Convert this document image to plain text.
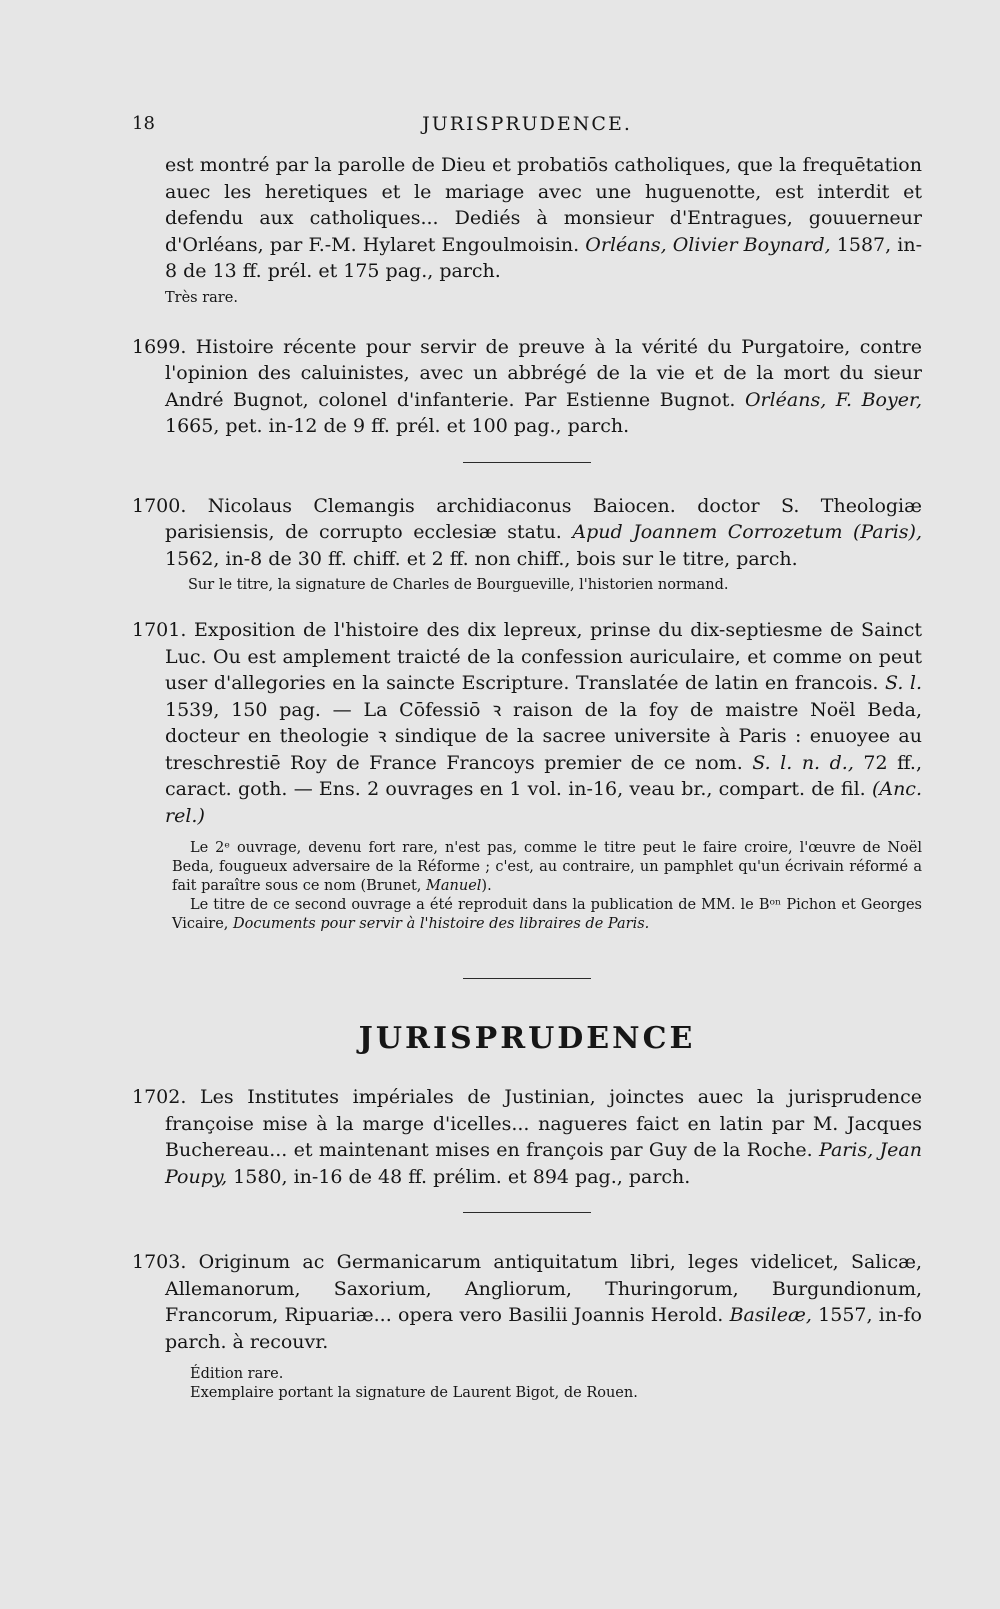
18	JURISPRUDENCE.

est montré par la parolle de Dieu et probatiōs catholiques, que la frequētation auec les heretiques et le mariage avec une huguenotte, est interdit et defendu aux catholiques... Dediés à monsieur d'Entragues, gouuerneur d'Orléans, par F.-M. Hylaret Engoulmoisin. Orléans, Olivier Boynard, 1587, in-8 de 13 ff. prél. et 175 pag., parch.

Très rare.

1699. Histoire récente pour servir de preuve à la vérité du Purgatoire, contre l'opinion des caluinistes, avec un abbrégé de la vie et de la mort du sieur André Bugnot, colonel d'infanterie. Par Estienne Bugnot. Orléans, F. Boyer, 1665, pet. in-12 de 9 ff. prél. et 100 pag., parch.

1700. Nicolaus Clemangis archidiaconus Baiocen. doctor S. Theologiæ parisiensis, de corrupto ecclesiæ statu. Apud Joannem Corrozetum (Paris), 1562, in-8 de 30 ff. chiff. et 2 ff. non chiff., bois sur le titre, parch.

Sur le titre, la signature de Charles de Bourgueville, l'historien normand.

1701. Exposition de l'histoire des dix lepreux, prinse du dix-septiesme de Sainct Luc. Ou est amplement traicté de la confession auriculaire, et comme on peut user d'allegories en la saincte Escripture. Translatée de latin en francois. S. l. 1539, 150 pag. — La Cōfessiō ꝛ raison de la foy de maistre Noël Beda, docteur en theologie ꝛ sindique de la sacree universite à Paris : enuoyee au treschrestiē Roy de France Francoys premier de ce nom. S. l. n. d., 72 ff., caract. goth. — Ens. 2 ouvrages en 1 vol. in-16, veau br., compart. de fil. (Anc. rel.)

Le 2ᵉ ouvrage, devenu fort rare, n'est pas, comme le titre peut le faire croire, l'œuvre de Noël Beda, fougueux adversaire de la Réforme ; c'est, au contraire, un pamphlet qu'un écrivain réformé a fait paraître sous ce nom (Brunet, Manuel).

Le titre de ce second ouvrage a été reproduit dans la publication de MM. le Bᵒⁿ Pichon et Georges Vicaire, Documents pour servir à l'histoire des libraires de Paris.

JURISPRUDENCE

1702. Les Institutes impériales de Justinian, joinctes auec la jurisprudence françoise mise à la marge d'icelles... nagueres faict en latin par M. Jacques Buchereau... et maintenant mises en françois par Guy de la Roche. Paris, Jean Poupy, 1580, in-16 de 48 ff. prélim. et 894 pag., parch.

1703. Originum ac Germanicarum antiquitatum libri, leges videlicet, Salicæ, Allemanorum, Saxorium, Angliorum, Thuringorum, Burgundionum, Francorum, Ripuariæ... opera vero Basilii Joannis Herold. Basileæ, 1557, in-fo parch. à recouvr.

Édition rare.

Exemplaire portant la signature de Laurent Bigot, de Rouen.
